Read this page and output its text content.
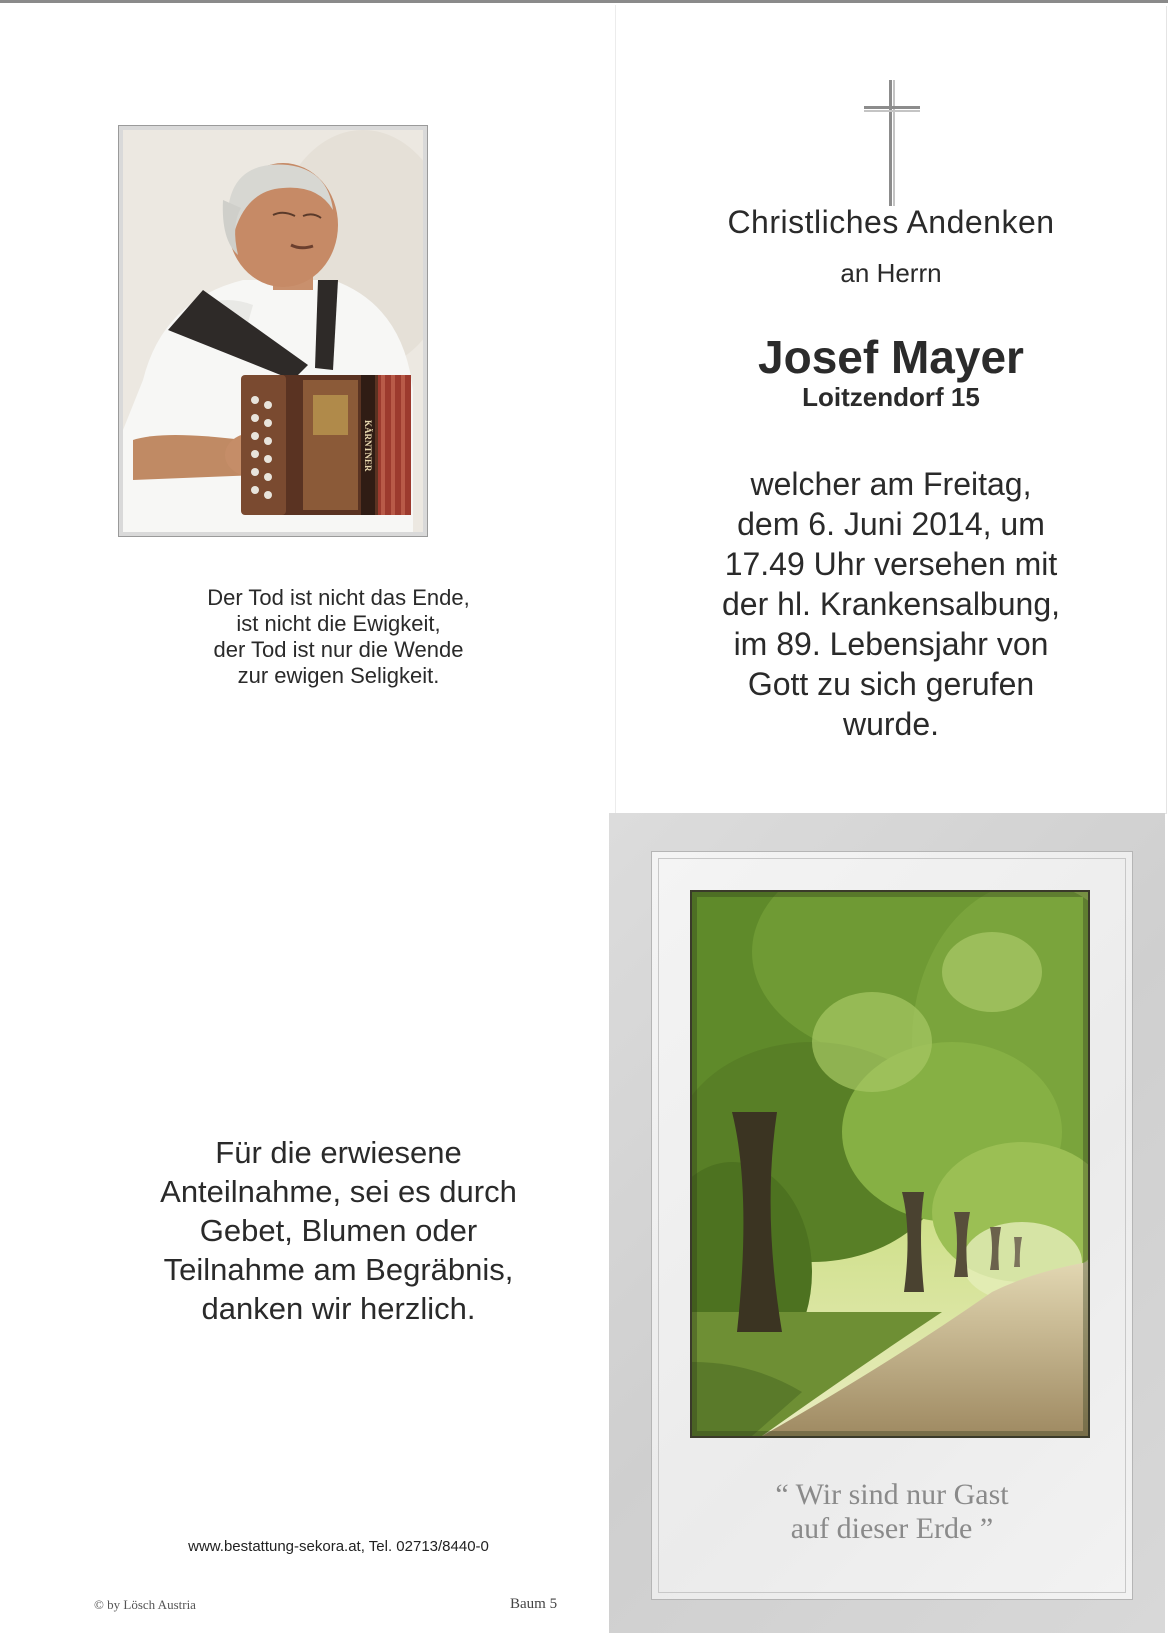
KÄRNTNER
Der Tod ist nicht das Ende,
ist nicht die Ewigkeit,
der Tod ist nur die Wende
zur ewigen Seligkeit.
Christliches Andenken
an Herrn
Josef Mayer
Loitzendorf 15
welcher am Freitag,
dem 6. Juni 2014, um
17.49 Uhr versehen mit
der hl. Krankensalbung,
im 89. Lebensjahr von
Gott zu sich gerufen
wurde.
Für die erwiesene
Anteilnahme, sei es durch
Gebet, Blumen oder
Teilnahme am Begräbnis,
danken wir herzlich.
www.bestattung-sekora.at, Tel. 02713/8440-0
© by Lösch Austria	Baum 5
“ Wir sind nur Gast
auf dieser Erde ”
